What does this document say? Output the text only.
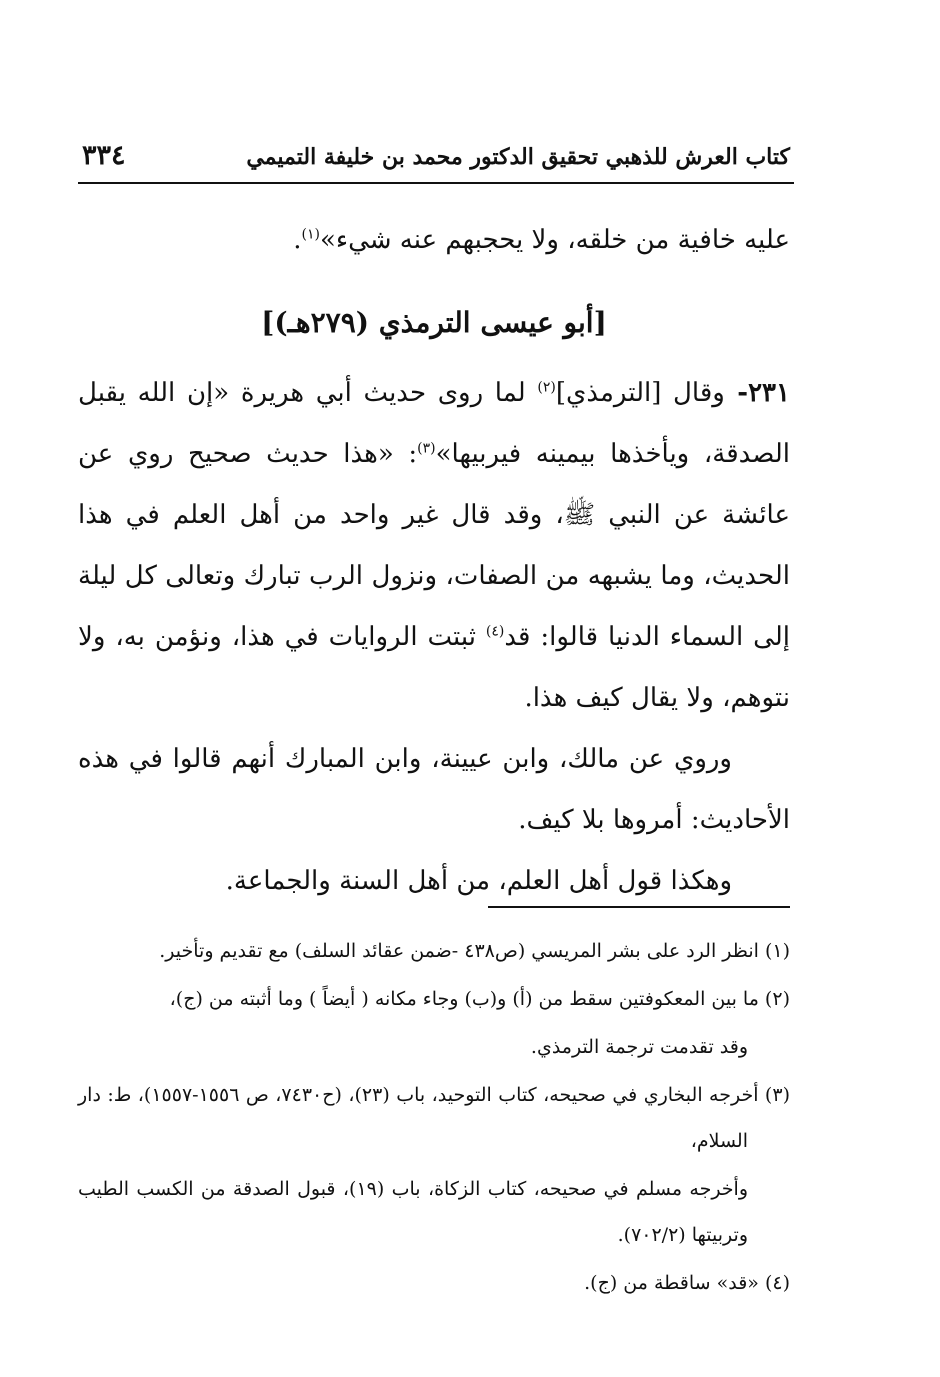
كتاب العرش للذهبي تحقيق الدكتور محمد بن خليفة التميمي
٣٣٤

عليه خافية من خلقه، ولا يحجبهم عنه شيء»$^{(١)}$.

[أبو عيسى الترمذي (٢٧٩هـ)]

٢٣١- وقال [الترمذي]$^{(٢)}$ لما روى حديث أبي هريرة «إن الله يقبل الصدقة، ويأخذها بيمينه فيربيها»$^{(٣)}$: «هذا حديث صحيح روي عن عائشة عن النبي ﷺ، وقد قال غير واحد من أهل العلم في هذا الحديث، وما يشبهه من الصفات، ونزول الرب تبارك وتعالى كل ليلة إلى السماء الدنيا قالوا: قد$^{(٤)}$ ثبتت الروايات في هذا، ونؤمن به، ولا نتوهم، ولا يقال كيف هذا.

وروي عن مالك، وابن عيينة، وابن المبارك أنهم قالوا في هذه الأحاديث: أمروها بلا كيف.

وهكذا قول أهل العلم، من أهل السنة والجماعة.

(١) انظر الرد على بشر المريسي (ص٤٣٨ -ضمن عقائد السلف) مع تقديم وتأخير.

(٢) ما بين المعكوفتين سقط من (أ) و(ب) وجاء مكانه ( أيضاً ) وما أثبته من (ج)،

وقد تقدمت ترجمة الترمذي.

(٣) أخرجه البخاري في صحيحه، كتاب التوحيد، باب (٢٣)، (ح٧٤٣٠، ص ١٥٥٦-١٥٥٧)، ط: دار السلام،

وأخرجه مسلم في صحيحه، كتاب الزكاة، باب (١٩)، قبول الصدقة من الكسب الطيب وتربيتها (٧٠٢/٢).

(٤) «قد» ساقطة من (ج).
